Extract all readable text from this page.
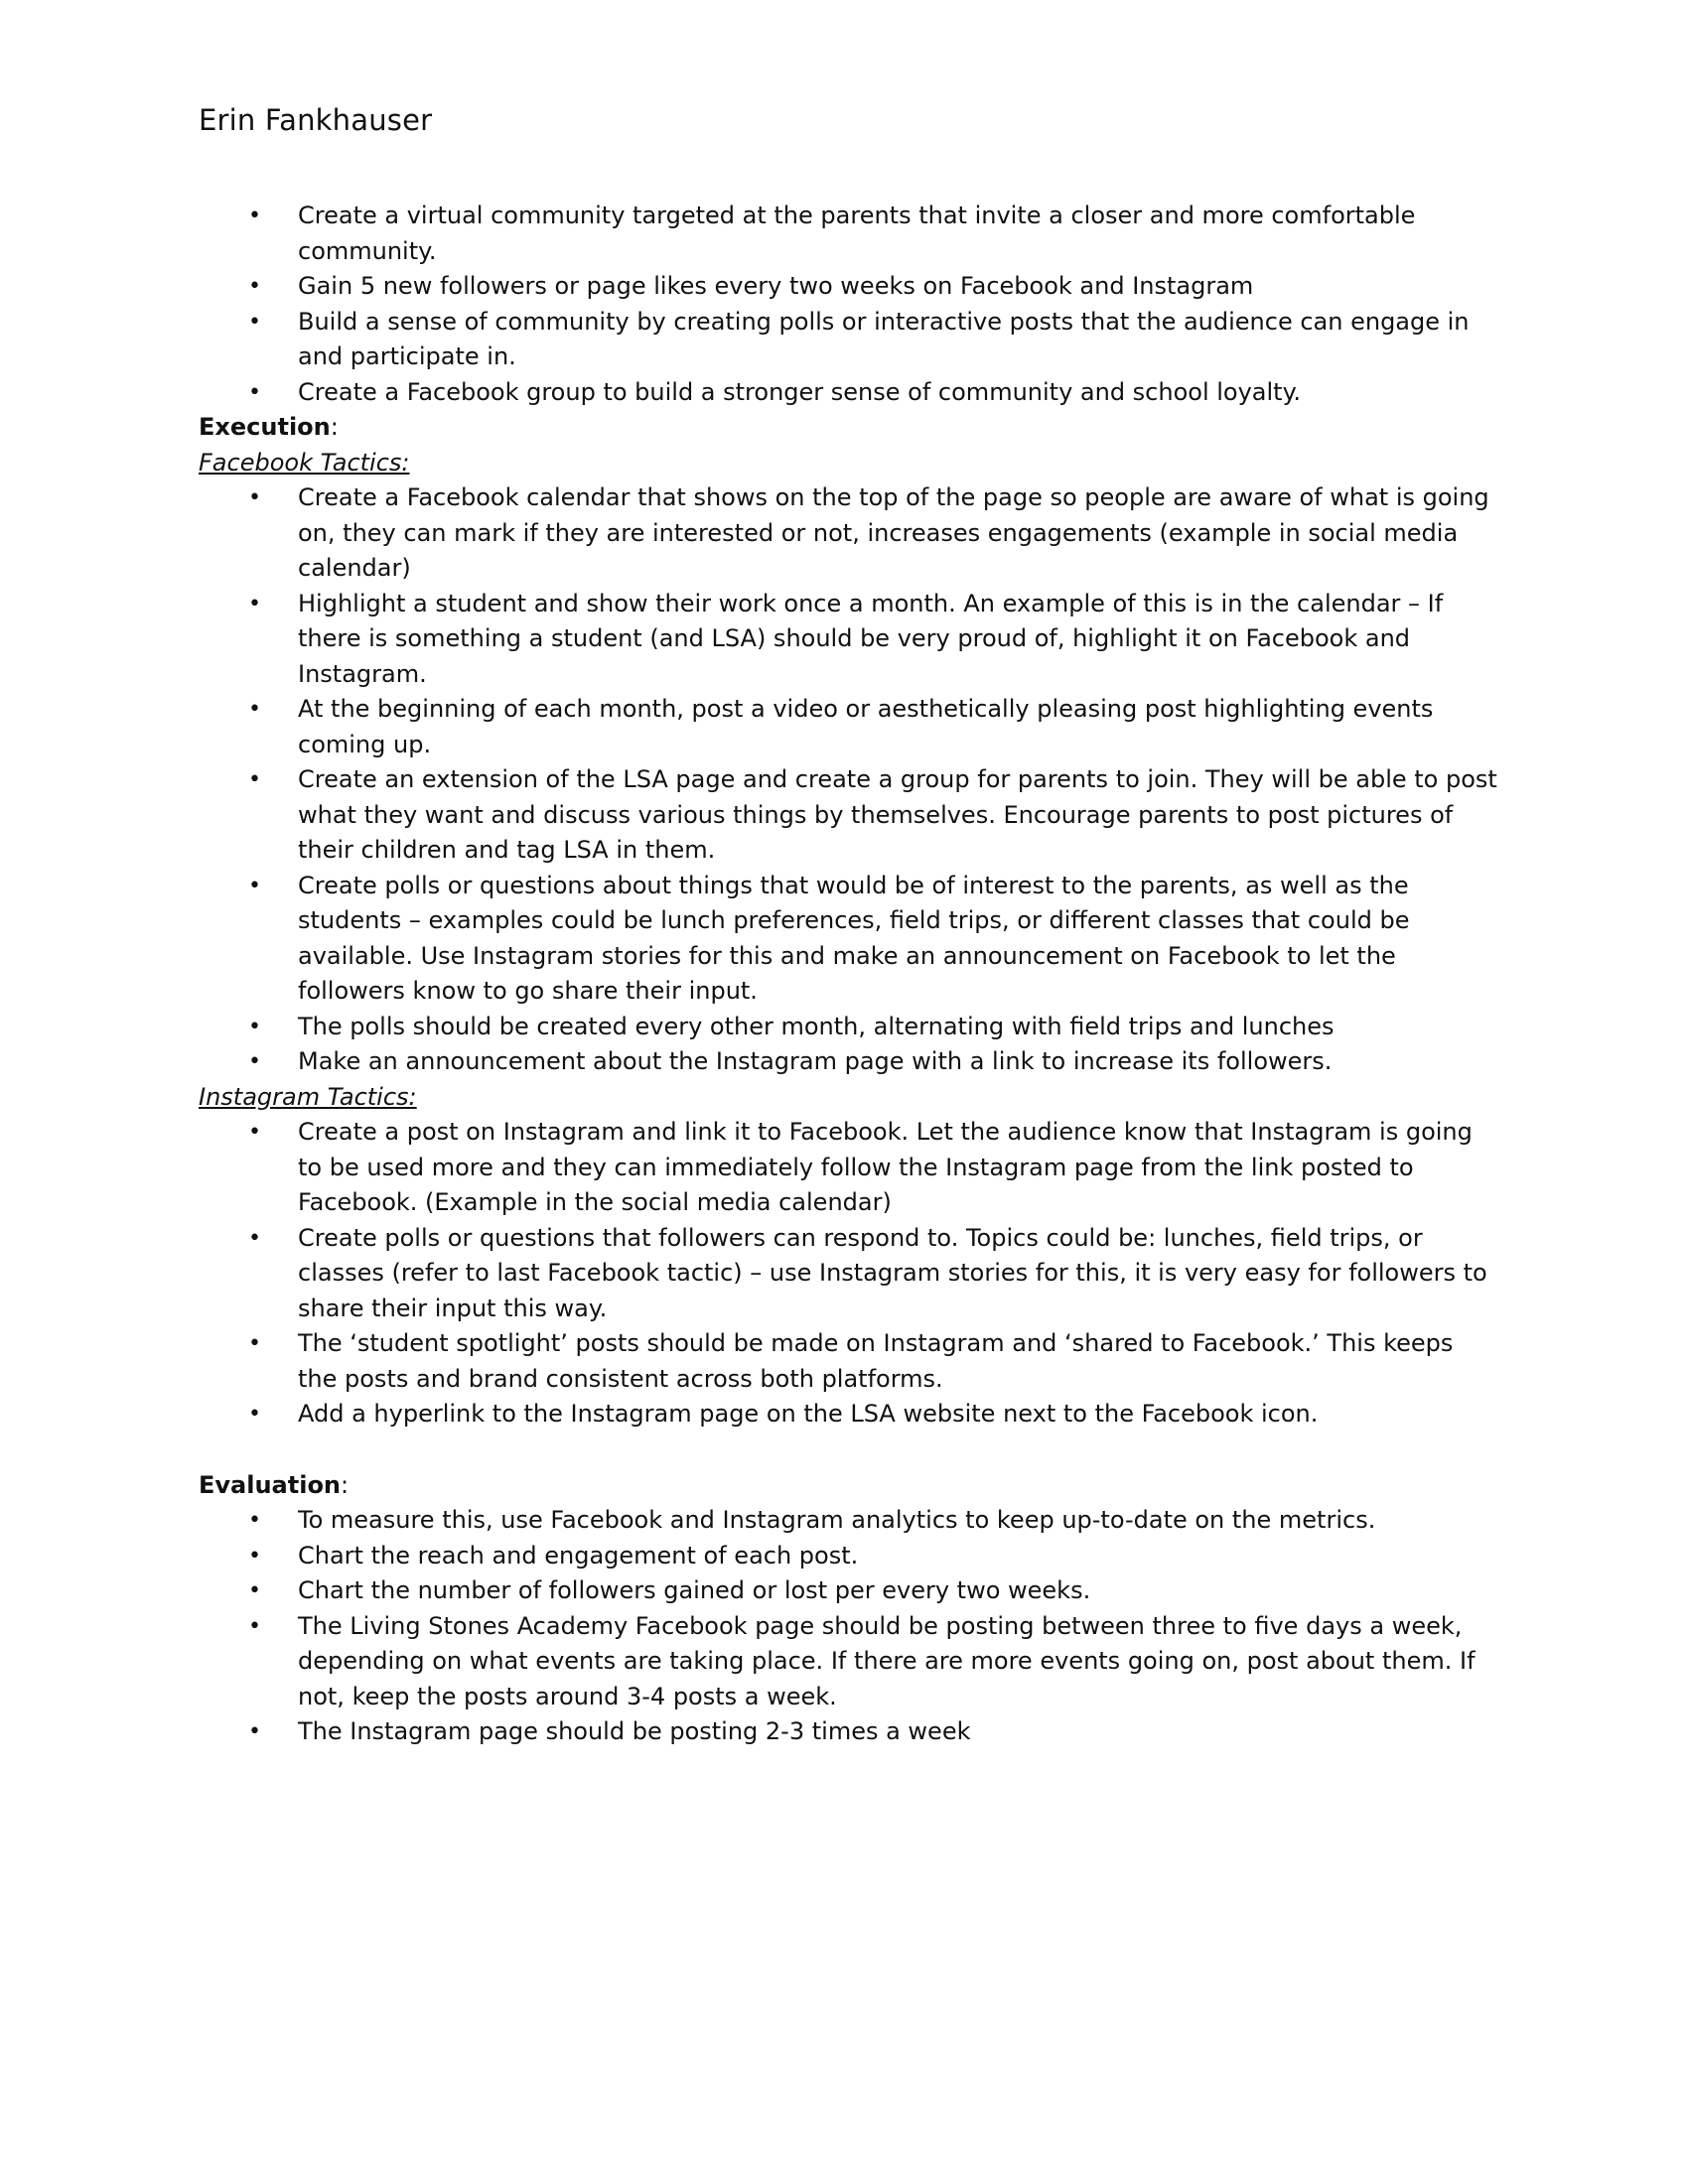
Erin Fankhauser
• Create a virtual community targeted at the parents that invite a closer and more comfortable community.
• Gain 5 new followers or page likes every two weeks on Facebook and Instagram
• Build a sense of community by creating polls or interactive posts that the audience can engage in and participate in.
• Create a Facebook group to build a stronger sense of community and school loyalty.
Execution:
Facebook Tactics:
• Create a Facebook calendar that shows on the top of the page so people are aware of what is going on, they can mark if they are interested or not, increases engagements (example in social media calendar)
• Highlight a student and show their work once a month. An example of this is in the calendar – If there is something a student (and LSA) should be very proud of, highlight it on Facebook and Instagram.
• At the beginning of each month, post a video or aesthetically pleasing post highlighting events coming up.
• Create an extension of the LSA page and create a group for parents to join. They will be able to post what they want and discuss various things by themselves. Encourage parents to post pictures of their children and tag LSA in them.
• Create polls or questions about things that would be of interest to the parents, as well as the students – examples could be lunch preferences, field trips, or different classes that could be available. Use Instagram stories for this and make an announcement on Facebook to let the followers know to go share their input.
• The polls should be created every other month, alternating with field trips and lunches
• Make an announcement about the Instagram page with a link to increase its followers.
Instagram Tactics:
• Create a post on Instagram and link it to Facebook. Let the audience know that Instagram is going to be used more and they can immediately follow the Instagram page from the link posted to Facebook. (Example in the social media calendar)
• Create polls or questions that followers can respond to. Topics could be: lunches, field trips, or classes (refer to last Facebook tactic) – use Instagram stories for this, it is very easy for followers to share their input this way.
• The ‘student spotlight’ posts should be made on Instagram and ‘shared to Facebook.’ This keeps the posts and brand consistent across both platforms.
• Add a hyperlink to the Instagram page on the LSA website next to the Facebook icon.
Evaluation:
• To measure this, use Facebook and Instagram analytics to keep up-to-date on the metrics.
• Chart the reach and engagement of each post.
• Chart the number of followers gained or lost per every two weeks.
• The Living Stones Academy Facebook page should be posting between three to five days a week, depending on what events are taking place. If there are more events going on, post about them. If not, keep the posts around 3-4 posts a week.
• The Instagram page should be posting 2-3 times a week
